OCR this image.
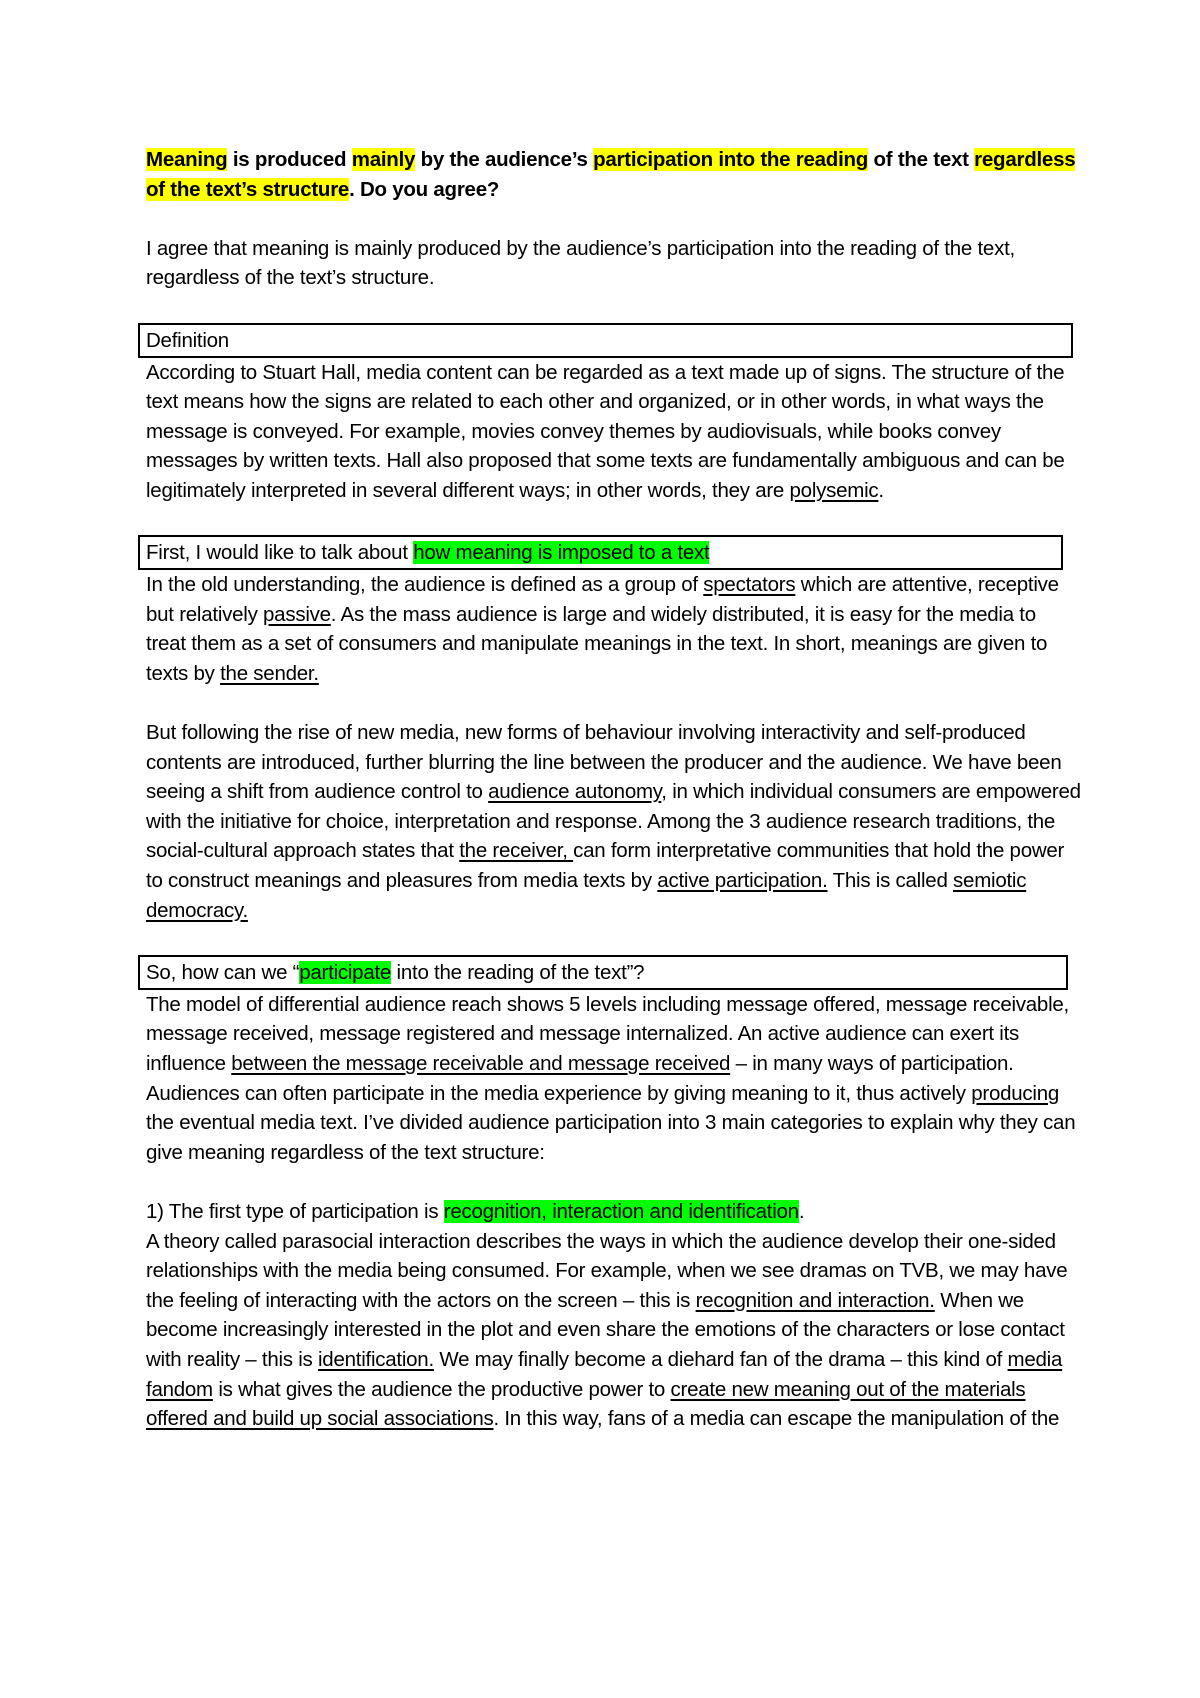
Meaning is produced mainly by the audience’s participation into the reading of the text regardless of the text’s structure. Do you agree?

I agree that meaning is mainly produced by the audience’s participation into the reading of the text, regardless of the text’s structure.

Definition

According to Stuart Hall, media content can be regarded as a text made up of signs. The structure of the text means how the signs are related to each other and organized, or in other words, in what ways the message is conveyed. For example, movies convey themes by audiovisuals, while books convey messages by written texts. Hall also proposed that some texts are fundamentally ambiguous and can be legitimately interpreted in several different ways; in other words, they are polysemic.

First, I would like to talk about how meaning is imposed to a text

In the old understanding, the audience is defined as a group of spectators which are attentive, receptive but relatively passive. As the mass audience is large and widely distributed, it is easy for the media to treat them as a set of consumers and manipulate meanings in the text. In short, meanings are given to texts by the sender.

But following the rise of new media, new forms of behaviour involving interactivity and self-produced contents are introduced, further blurring the line between the producer and the audience. We have been seeing a shift from audience control to audience autonomy, in which individual consumers are empowered with the initiative for choice, interpretation and response. Among the 3 audience research traditions, the social-cultural approach states that the receiver, can form interpretative communities that hold the power to construct meanings and pleasures from media texts by active participation. This is called semiotic democracy.

So, how can we “participate into the reading of the text”?

The model of differential audience reach shows 5 levels including message offered, message receivable, message received, message registered and message internalized. An active audience can exert its influence between the message receivable and message received – in many ways of participation. Audiences can often participate in the media experience by giving meaning to it, thus actively producing the eventual media text. I’ve divided audience participation into 3 main categories to explain why they can give meaning regardless of the text structure:

1) The first type of participation is recognition, interaction and identification.

A theory called parasocial interaction describes the ways in which the audience develop their one-sided relationships with the media being consumed. For example, when we see dramas on TVB, we may have the feeling of interacting with the actors on the screen – this is recognition and interaction. When we become increasingly interested in the plot and even share the emotions of the characters or lose contact with reality – this is identification. We may finally become a diehard fan of the drama – this kind of media fandom is what gives the audience the productive power to create new meaning out of the materials offered and build up social associations. In this way, fans of a media can escape the manipulation of the
